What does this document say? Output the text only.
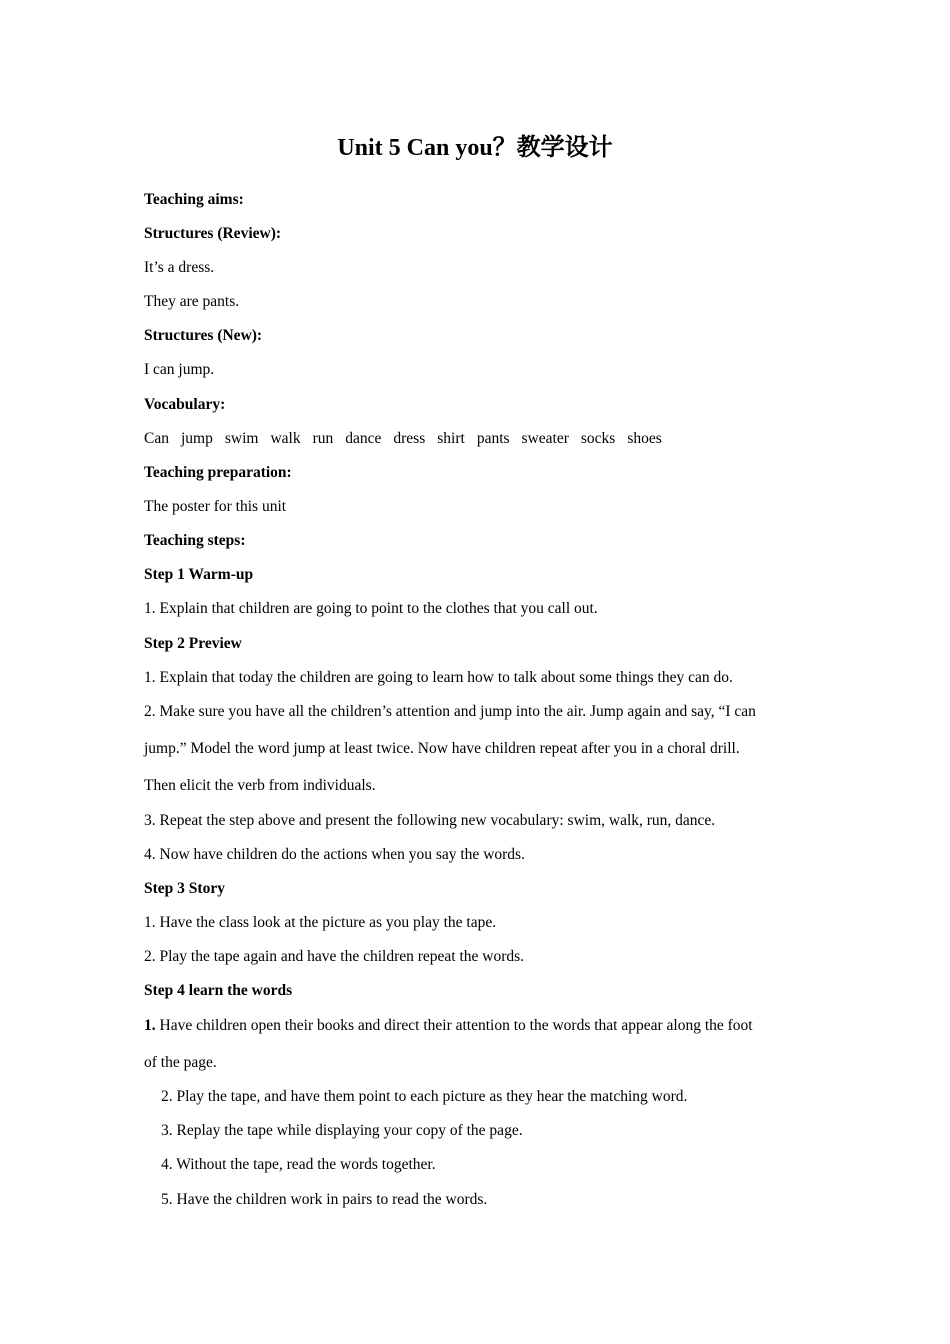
Unit 5 Can you？教学设计
Teaching aims:
Structures (Review):
It’s a dress.
They are pants.
Structures (New):
I can jump.
Vocabulary:
Can jump swim walk run dance dress shirt pants sweater socks shoes
Teaching preparation:
The poster for this unit
Teaching steps:
Step 1 Warm-up
1. Explain that children are going to point to the clothes that you call out.
Step 2 Preview
1. Explain that today the children are going to learn how to talk about some things they can do.
2. Make sure you have all the children’s attention and jump into the air. Jump again and say, “I can
jump.” Model the word jump at least twice. Now have children repeat after you in a choral drill.
Then elicit the verb from individuals.
3. Repeat the step above and present the following new vocabulary: swim, walk, run, dance.
4. Now have children do the actions when you say the words.
Step 3 Story
1. Have the class look at the picture as you play the tape.
2. Play the tape again and have the children repeat the words.
Step 4 learn the words
1. Have children open their books and direct their attention to the words that appear along the foot
of the page.
2. Play the tape, and have them point to each picture as they hear the matching word.
3. Replay the tape while displaying your copy of the page.
4. Without the tape, read the words together.
5. Have the children work in pairs to read the words.
